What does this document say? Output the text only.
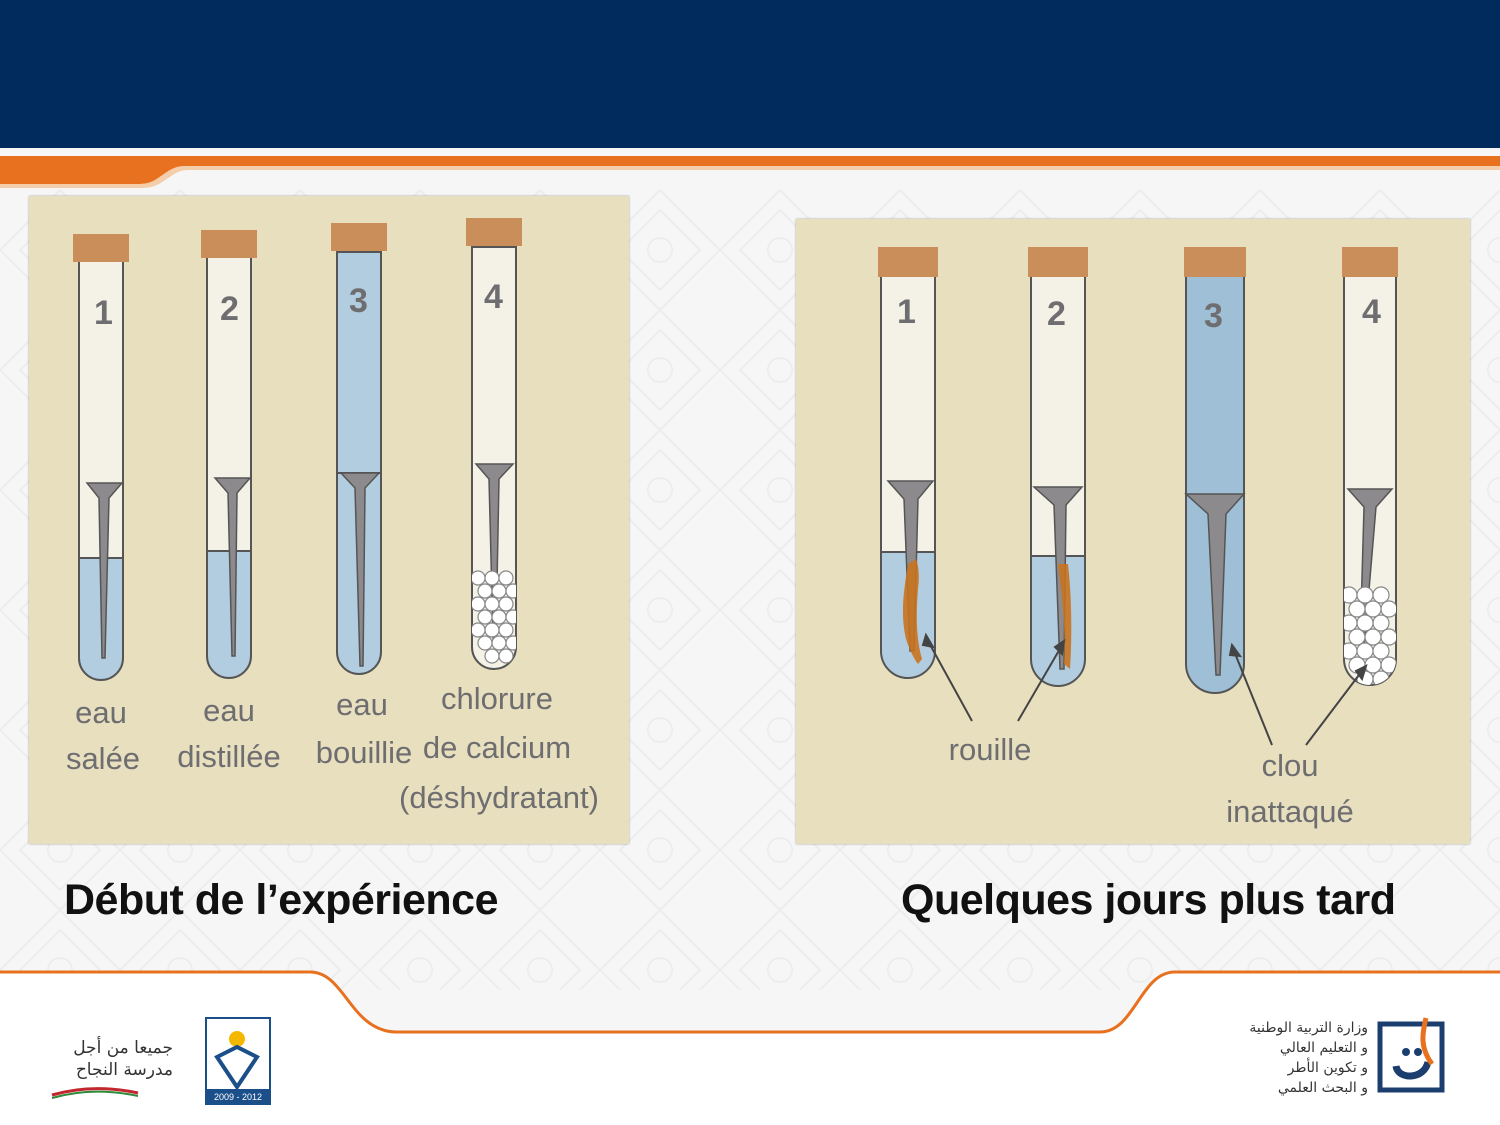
1	2	3	4
eau
salée
eau
distillée
eau
bouillie
chlorure
de calcium
(déshydratant)
1	2	3	4
rouille	clou
inattaqué
Début de l’expérience	Quelques jours plus tard
جميعا من أجل
مدرسة النجاح
2009 - 2012
وزارة التربية الوطنية
و التعليم العالي
و تكوين الأطر
و البحث العلمي
